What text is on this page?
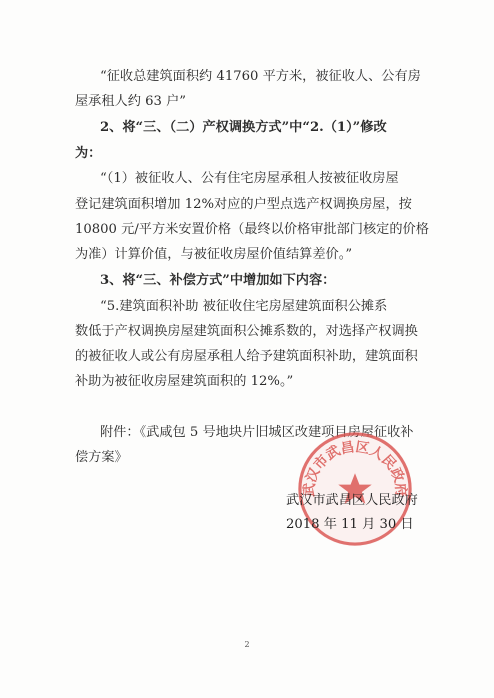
“征收总建筑面积约 41760 平方米，被征收人、公有房
屋承租人约 63 户”
2、将“三、（二）产权调换方式”中“2.（1）”修改
为：
“（1）被征收人、公有住宅房屋承租人按被征收房屋
登记建筑面积增加 12%对应的户型点选产权调换房屋，按
10800 元/平方米安置价格（最终以价格审批部门核定的价格
为准）计算价值，与被征收房屋价值结算差价。”
3、将“三、补偿方式”中增加如下内容：
“5.建筑面积补助 被征收住宅房屋建筑面积公摊系
数低于产权调换房屋建筑面积公摊系数的，对选择产权调换
的被征收人或公有房屋承租人给予建筑面积补助，建筑面积
补助为被征收房屋建筑面积的 12%。”
附件：《武咸包 5 号地块片旧城区改建项目房屋征收补
偿方案》
武汉市武昌区人民政府
武汉市武昌区人民政府
2018 年 11 月 30 日
2
